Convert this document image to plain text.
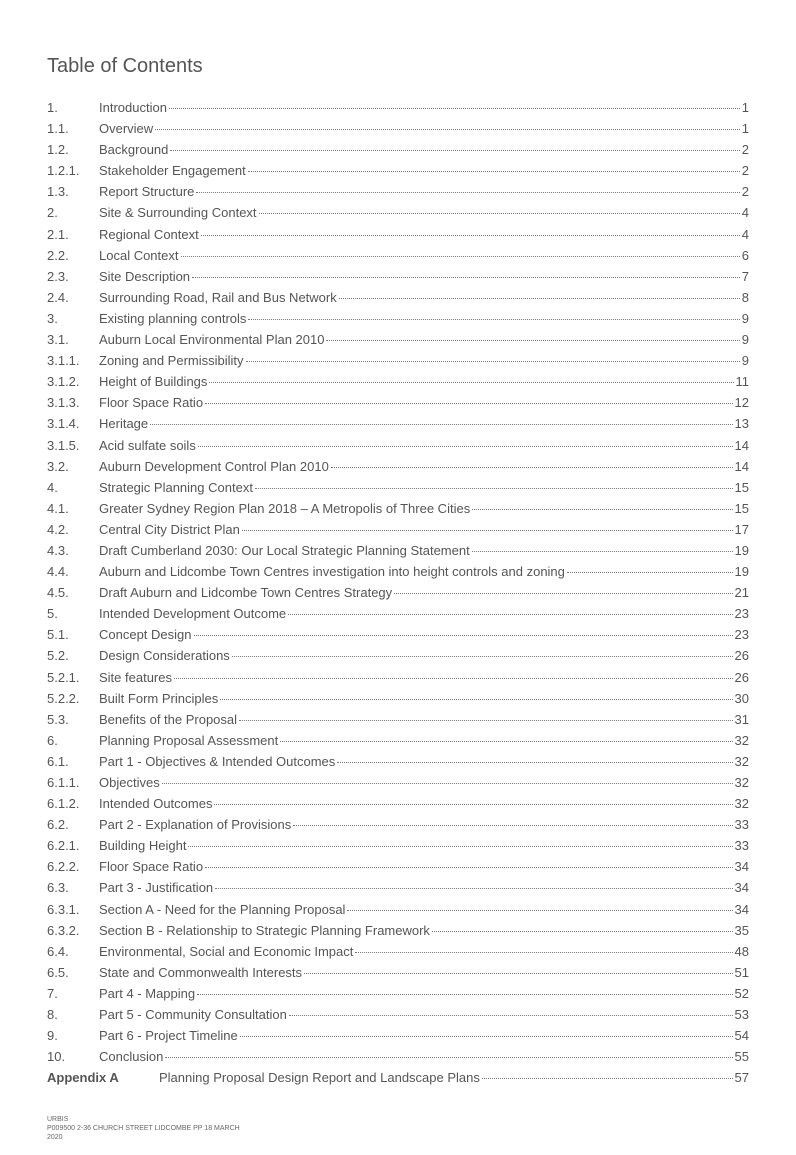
Table of Contents
1.	Introduction	1
1.1.	Overview	1
1.2.	Background	2
1.2.1.	Stakeholder Engagement	2
1.3.	Report Structure	2
2.	Site & Surrounding Context	4
2.1.	Regional Context	4
2.2.	Local Context	6
2.3.	Site Description	7
2.4.	Surrounding Road, Rail and Bus Network	8
3.	Existing planning controls	9
3.1.	Auburn Local Environmental Plan 2010	9
3.1.1.	Zoning and Permissibility	9
3.1.2.	Height of Buildings	11
3.1.3.	Floor Space Ratio	12
3.1.4.	Heritage	13
3.1.5.	Acid sulfate soils	14
3.2.	Auburn Development Control Plan 2010	14
4.	Strategic Planning Context	15
4.1.	Greater Sydney Region Plan 2018 – A Metropolis of Three Cities	15
4.2.	Central City District Plan	17
4.3.	Draft Cumberland 2030: Our Local Strategic Planning Statement	19
4.4.	Auburn and Lidcombe Town Centres investigation into height controls and zoning	19
4.5.	Draft Auburn and Lidcombe Town Centres Strategy	21
5.	Intended Development Outcome	23
5.1.	Concept Design	23
5.2.	Design Considerations	26
5.2.1.	Site features	26
5.2.2.	Built Form Principles	30
5.3.	Benefits of the Proposal	31
6.	Planning Proposal Assessment	32
6.1.	Part 1 - Objectives & Intended Outcomes	32
6.1.1.	Objectives	32
6.1.2.	Intended Outcomes	32
6.2.	Part 2 - Explanation of Provisions	33
6.2.1.	Building Height	33
6.2.2.	Floor Space Ratio	34
6.3.	Part 3 - Justification	34
6.3.1.	Section A - Need for the Planning Proposal	34
6.3.2.	Section B - Relationship to Strategic Planning Framework	35
6.4.	Environmental, Social and Economic Impact	48
6.5.	State and Commonwealth Interests	51
7.	Part 4 - Mapping	52
8.	Part 5 - Community Consultation	53
9.	Part 6 - Project Timeline	54
10.	Conclusion	55
Appendix A	Planning Proposal Design Report and Landscape Plans	57
URBIS
P009500 2-36 CHURCH STREET LIDCOMBE PP 18 MARCH
2020
